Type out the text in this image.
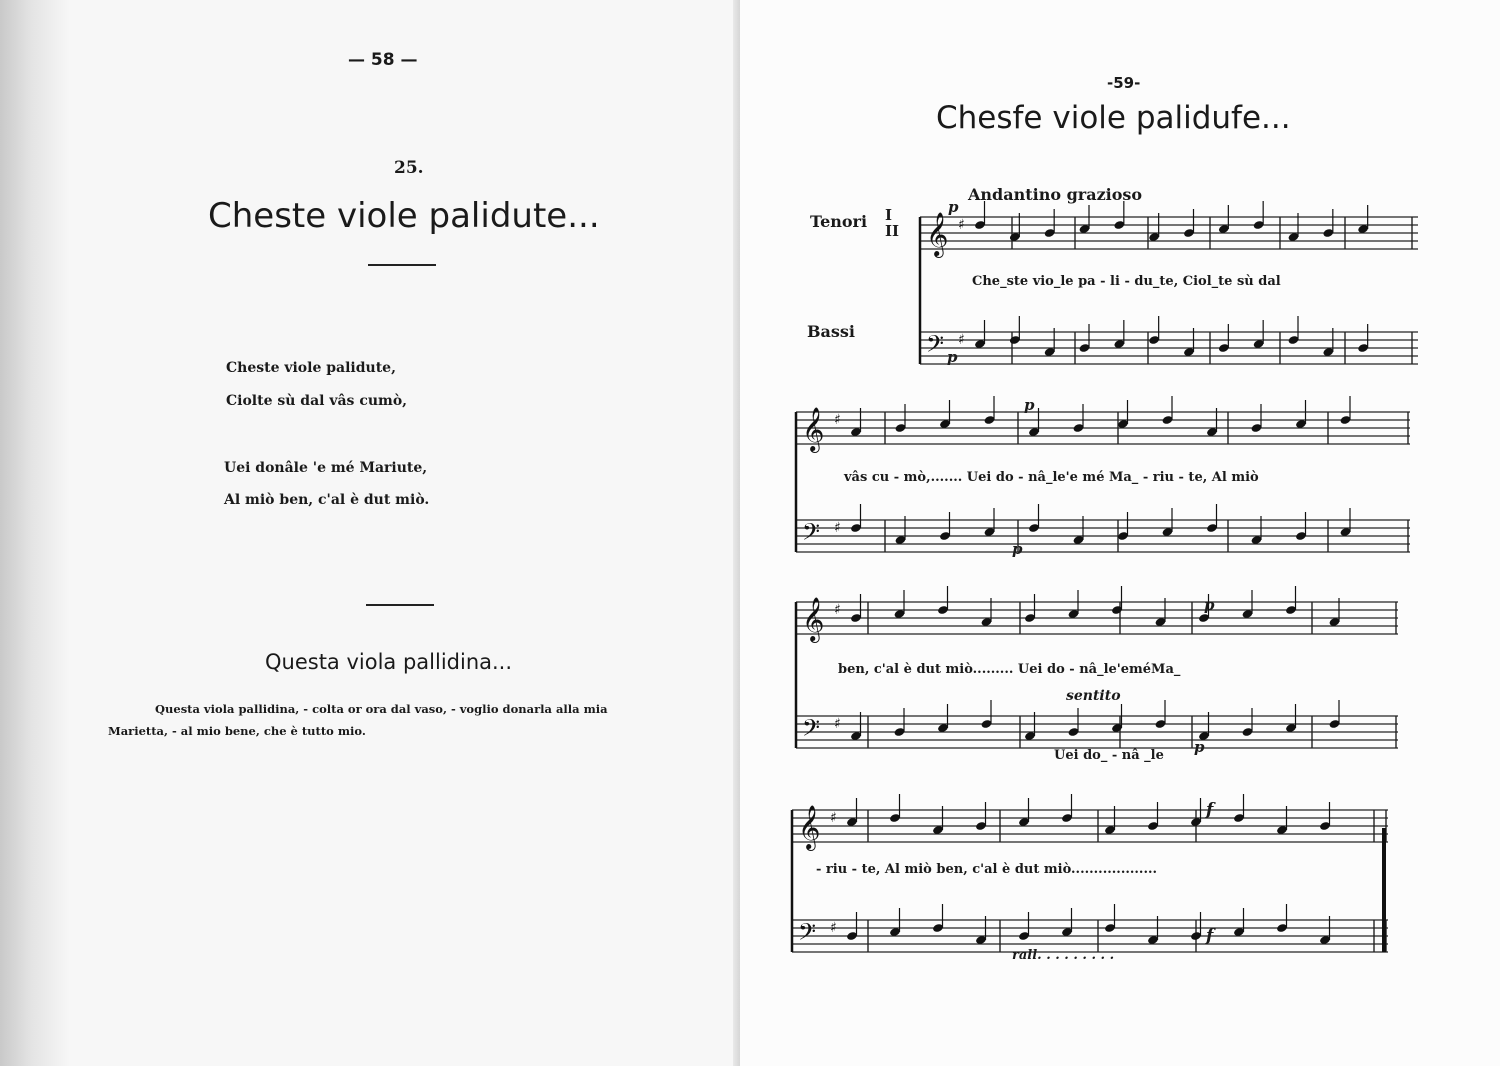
— 58 —
25.
Cheste viole palidute...
Cheste viole palidute,
Ciolte sù dal vâs cumò,
Uei donâle 'e mé Mariute,
Al miò ben, c'al è dut miò.
Questa viola pallidina...
Questa viola pallidina, - colta or ora dal vaso, - voglio donarla alla mia
Marietta, - al mio bene, che è tutto mio.
-59-
Chesfe viole palidufe...
Andantino grazioso
Tenori I
II
Bassi
Che_ste vio_le pa - li - du_te, Ciol_te sù dal
vâs cu - mò,....... Uei do - nâ_le'e mé Ma_ - riu - te, Al miò
ben, c'al è dut miò......... Uei do - nâ_le'eméMa_
Uei do_ - nâ _le
- riu - te, Al miò ben, c'al è dut miò...................
sentito
rall. . . . . . . . .
p
p
p
p
p
p
f
f
𝄞 ♯
𝄢 ♯
𝄞 ♯
𝄢 ♯
𝄞 ♯
𝄢 ♯
𝄞 ♯
𝄢 ♯
